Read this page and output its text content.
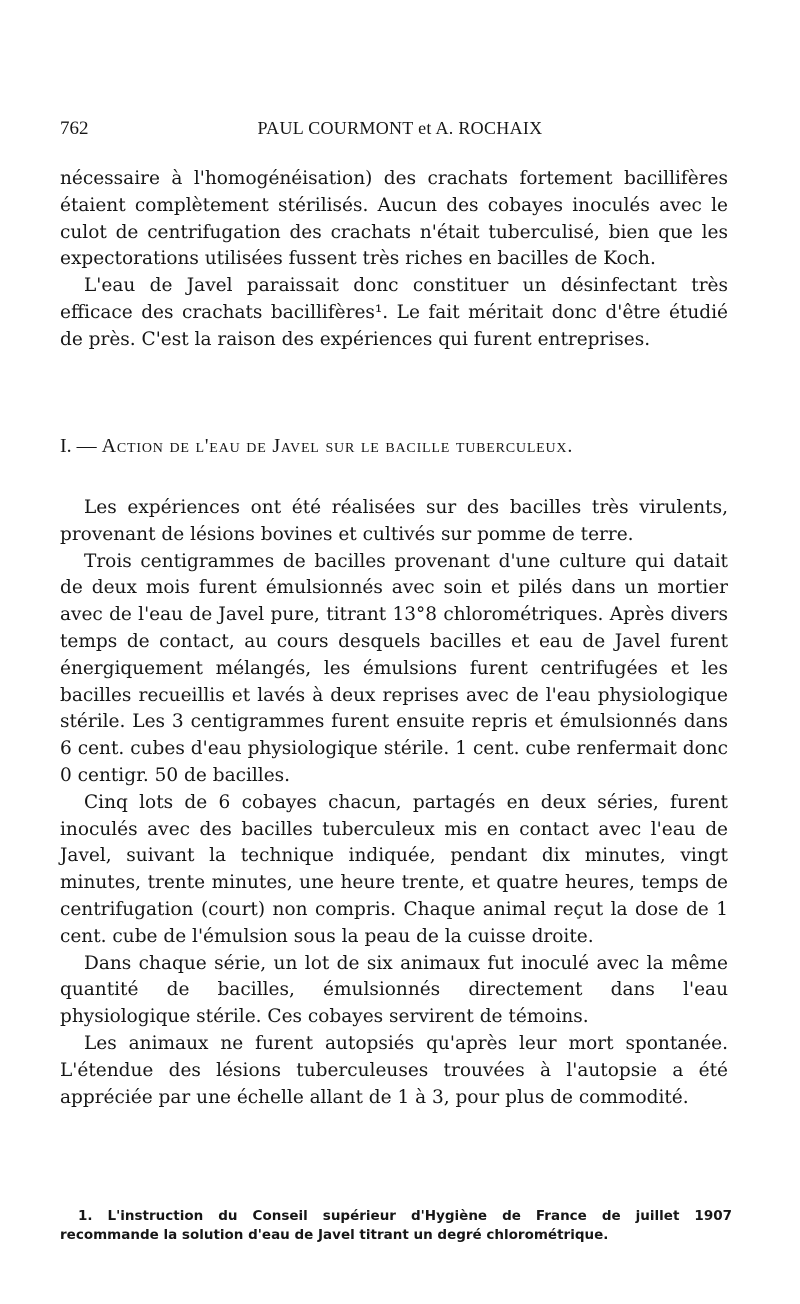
762	PAUL COURMONT et A. ROCHAIX

nécessaire à l'homogénéisation) des crachats fortement bacillifères étaient complètement stérilisés. Aucun des cobayes inoculés avec le culot de centrifugation des crachats n'était tuberculisé, bien que les expectorations utilisées fussent très riches en bacilles de Koch.

L'eau de Javel paraissait donc constituer un désinfectant très efficace des crachats bacillifères¹. Le fait méritait donc d'être étudié de près. C'est la raison des expériences qui furent entreprises.

I. — Action de l'eau de Javel sur le bacille tuberculeux.

Les expériences ont été réalisées sur des bacilles très virulents, provenant de lésions bovines et cultivés sur pomme de terre.

Trois centigrammes de bacilles provenant d'une culture qui datait de deux mois furent émulsionnés avec soin et pilés dans un mortier avec de l'eau de Javel pure, titrant 13°8 chlorométriques. Après divers temps de contact, au cours desquels bacilles et eau de Javel furent énergiquement mélangés, les émulsions furent centrifugées et les bacilles recueillis et lavés à deux reprises avec de l'eau physiologique stérile. Les 3 centigrammes furent ensuite repris et émulsionnés dans 6 cent. cubes d'eau physiologique stérile. 1 cent. cube renfermait donc 0 centigr. 50 de bacilles.

Cinq lots de 6 cobayes chacun, partagés en deux séries, furent inoculés avec des bacilles tuberculeux mis en contact avec l'eau de Javel, suivant la technique indiquée, pendant dix minutes, vingt minutes, trente minutes, une heure trente, et quatre heures, temps de centrifugation (court) non compris. Chaque animal reçut la dose de 1 cent. cube de l'émulsion sous la peau de la cuisse droite.

Dans chaque série, un lot de six animaux fut inoculé avec la même quantité de bacilles, émulsionnés directement dans l'eau physiologique stérile. Ces cobayes servirent de témoins.

Les animaux ne furent autopsiés qu'après leur mort spontanée. L'étendue des lésions tuberculeuses trouvées à l'autopsie a été appréciée par une échelle allant de 1 à 3, pour plus de commodité.

1. L'instruction du Conseil supérieur d'Hygiène de France de juillet 1907 recommande la solution d'eau de Javel titrant un degré chlorométrique.
